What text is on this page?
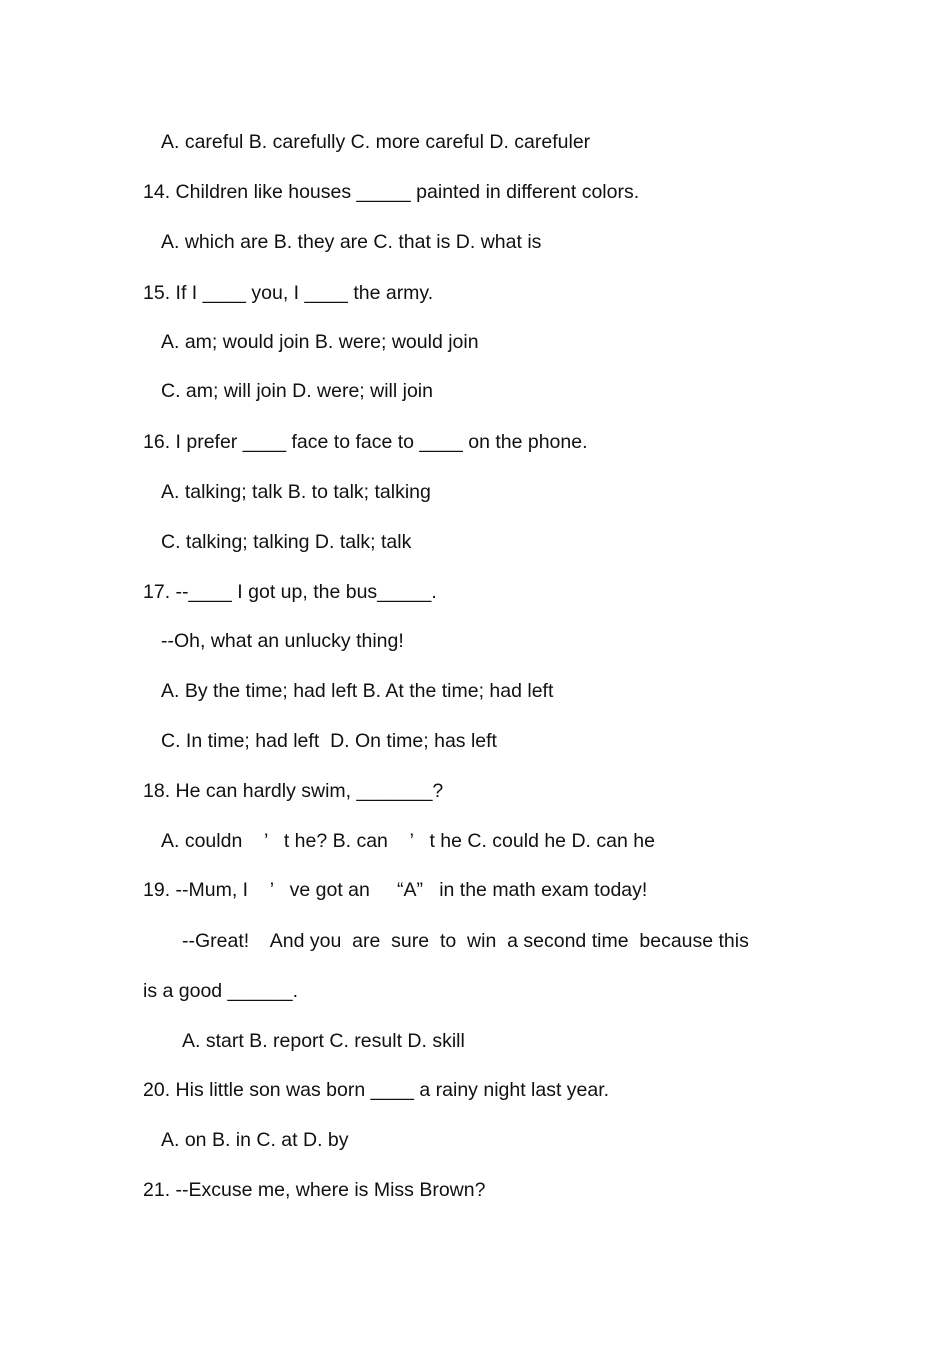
A. careful B. carefully C. more careful D. carefuler
14. Children like houses _____ painted in different colors.
A. which are B. they are C. that is D. what is
15. If I ____ you, I ____ the army.
A. am; would join B. were; would join
C. am; will join D. were; will join
16. I prefer ____ face to face to ____ on the phone.
A. talking; talk B. to talk; talking
C. talking; talking D. talk; talk
17. --____ I got up, the bus_____.
--Oh, what an unlucky thing!
A. By the time; had left B. At the time; had left
C. In time; had left  D. On time; has left
18. He can hardly swim, _______?
A. couldn    ’   t he? B. can    ’   t he C. could he D. can he
19. --Mum, I    ’   ve got an     “A”   in the math exam today!
--Great!    And you  are  sure  to  win  a second time  because this
is a good ______.
A. start B. report C. result D. skill
20. His little son was born ____ a rainy night last year.
A. on B. in C. at D. by
21. --Excuse me, where is Miss Brown?
